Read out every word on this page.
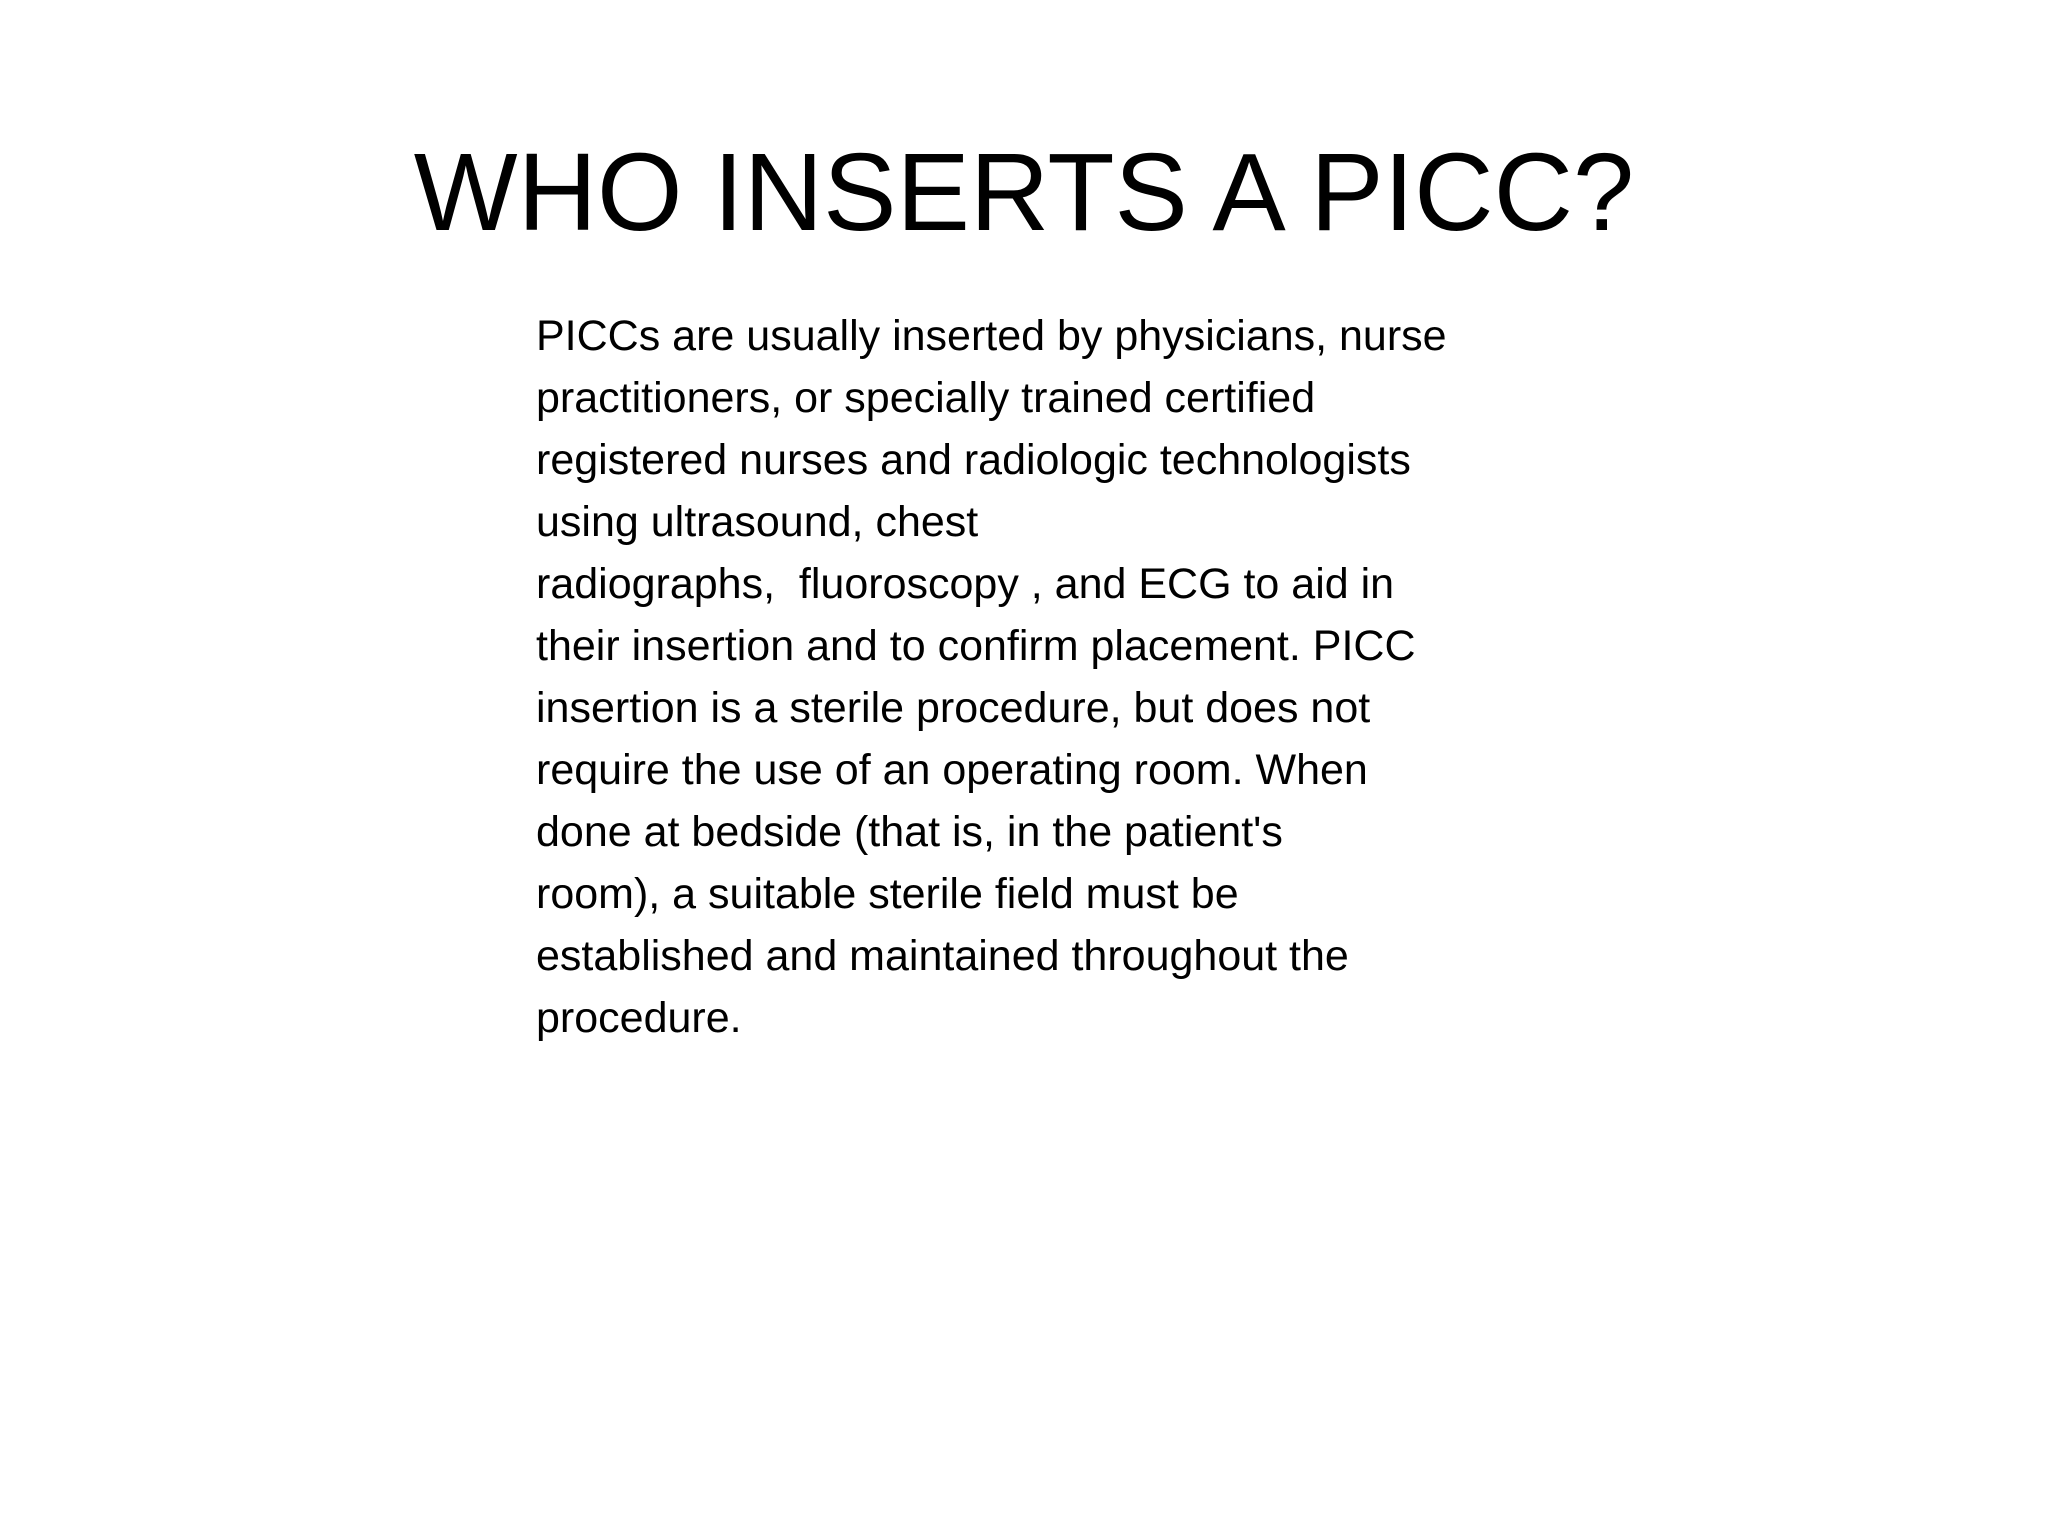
WHO INSERTS A PICC?
PICCs are usually inserted by physicians, nurse
practitioners, or specially trained certified
registered nurses and radiologic technologists
using ultrasound, chest
radiographs,  fluoroscopy , and ECG to aid in
their insertion and to confirm placement. PICC
insertion is a sterile procedure, but does not
require the use of an operating room. When
done at bedside (that is, in the patient's
room), a suitable sterile field must be
established and maintained throughout the
procedure.
